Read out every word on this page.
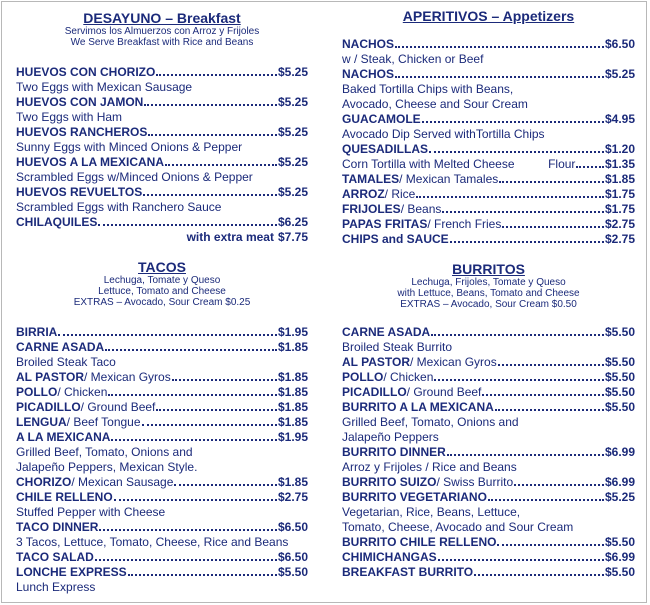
DESAYUNO – Breakfast
Servimos los Almuerzos con Arroz y Frijoles
We Serve Breakfast with Rice and Beans
HUEVOS CON CHORIZO	$5.25
Two Eggs with Mexican Sausage
HUEVOS CON JAMON	$5.25
Two Eggs with Ham
HUEVOS RANCHEROS	$5.25
Sunny Eggs with Minced Onions & Pepper
HUEVOS A LA MEXICANA	$5.25
Scrambled Eggs w/Minced Onions & Pepper
HUEVOS REVUELTOS	$5.25
Scrambled Eggs with Ranchero Sauce
CHILAQUILES	$6.25
with extra meat $7.75
APERITIVOS – Appetizers
NACHOS	$6.50
w / Steak, Chicken or Beef
NACHOS	$5.25
Baked Tortilla Chips with Beans,
Avocado, Cheese and Sour Cream
GUACAMOLE	$4.95
Avocado Dip Served withTortilla Chips
QUESADILLAS	$1.20
Corn Tortilla with Melted Cheese	Flour $1.35
TAMALES / Mexican Tamales	$1.85
ARROZ / Rice	$1.75
FRIJOLES / Beans	$1.75
PAPAS FRITAS / French Fries	$2.75
CHIPS and SAUCE	$2.75
TACOS
Lechuga, Tomate y Queso
Lettuce, Tomato and Cheese
EXTRAS – Avocado, Sour Cream $0.25
BIRRIA	$1.95
CARNE ASADA	$1.85
Broiled Steak Taco
AL PASTOR / Mexican Gyros	$1.85
POLLO / Chicken	$1.85
PICADILLO / Ground Beef	$1.85
LENGUA / Beef Tongue	$1.85
A LA MEXICANA	$1.95
Grilled Beef, Tomato, Onions and
Jalapeño Peppers, Mexican Style.
CHORIZO / Mexican Sausage	$1.85
CHILE RELLENO	$2.75
Stuffed Pepper with Cheese
TACO DINNER	$6.50
3 Tacos, Lettuce, Tomato, Cheese, Rice and Beans
TACO SALAD	$6.50
LONCHE EXPRESS	$5.50
Lunch Express
BURRITOS
Lechuga, Frijoles, Tomate y Queso
with Lettuce, Beans, Tomato and Cheese
EXTRAS – Avocado, Sour Cream $0.50
CARNE ASADA	$5.50
Broiled Steak Burrito
AL PASTOR / Mexican Gyros	$5.50
POLLO / Chicken	$5.50
PICADILLO / Ground Beef	$5.50
BURRITO A LA MEXICANA	$5.50
Grilled Beef, Tomato, Onions and
Jalapeño Peppers
BURRITO DINNER	$6.99
Arroz y Frijoles / Rice and Beans
BURRITO SUIZO / Swiss Burrito	$6.99
BURRITO VEGETARIANO	$5.25
Vegetarian, Rice, Beans, Lettuce,
Tomato, Cheese, Avocado and Sour Cream
BURRITO CHILE RELLENO	$5.50
CHIMICHANGAS	$6.99
BREAKFAST BURRITO	$5.50
